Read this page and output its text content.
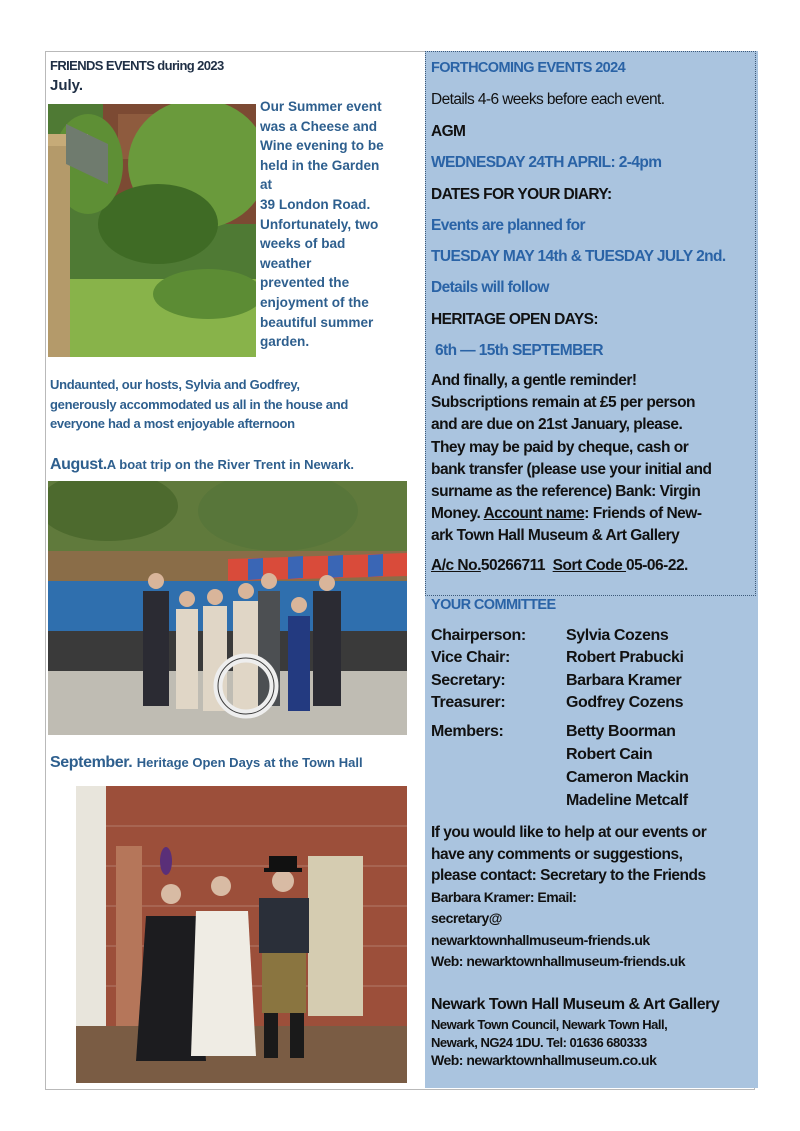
FRIENDS EVENTS during 2023
July.
Our Summer event
was a Cheese and
Wine evening to be
held in the Garden
at
39 London Road.
Unfortunately, two
weeks of bad
weather
prevented the
enjoyment of the
beautiful summer
garden.
Undaunted, our hosts, Sylvia and Godfrey,
generously accommodated us all in the house and
everyone had a most enjoyable afternoon
August.A boat trip on the River Trent in Newark.
September. Heritage Open Days at the Town Hall
FORTHCOMING EVENTS 2024
Details 4-6 weeks before each event.
AGM
WEDNESDAY 24TH APRIL: 2-4pm
DATES FOR YOUR DIARY:
Events are planned for
TUESDAY MAY 14th & TUESDAY JULY 2nd.
Details will follow
HERITAGE OPEN DAYS:
6th — 15th SEPTEMBER
And finally, a gentle reminder!
Subscriptions remain at £5 per person
and are due on 21st January, please.
They may be paid by cheque, cash or
bank transfer (please use your initial and
surname as the reference) Bank: Virgin
Money. Account name: Friends of New-
ark Town Hall Museum & Art Gallery
A/c No.50266711 Sort Code 05-06-22.
YOUR COMMITTEE
Chairperson:	Sylvia Cozens
Vice Chair:	Robert Prabucki
Secretary:	Barbara Kramer
Treasurer:	Godfrey Cozens
Members:	Betty Boorman
Robert Cain
Cameron Mackin
Madeline Metcalf
If you would like to help at our events or
have any comments or suggestions,
please contact: Secretary to the Friends
Barbara Kramer: Email:
secretary@
newarktownhallmuseum-friends.uk
Web: newarktownhallmuseum-friends.uk
Newark Town Hall Museum & Art Gallery
Newark Town Council, Newark Town Hall,
Newark, NG24 1DU. Tel: 01636 680333
Web: newarktownhallmuseum.co.uk
